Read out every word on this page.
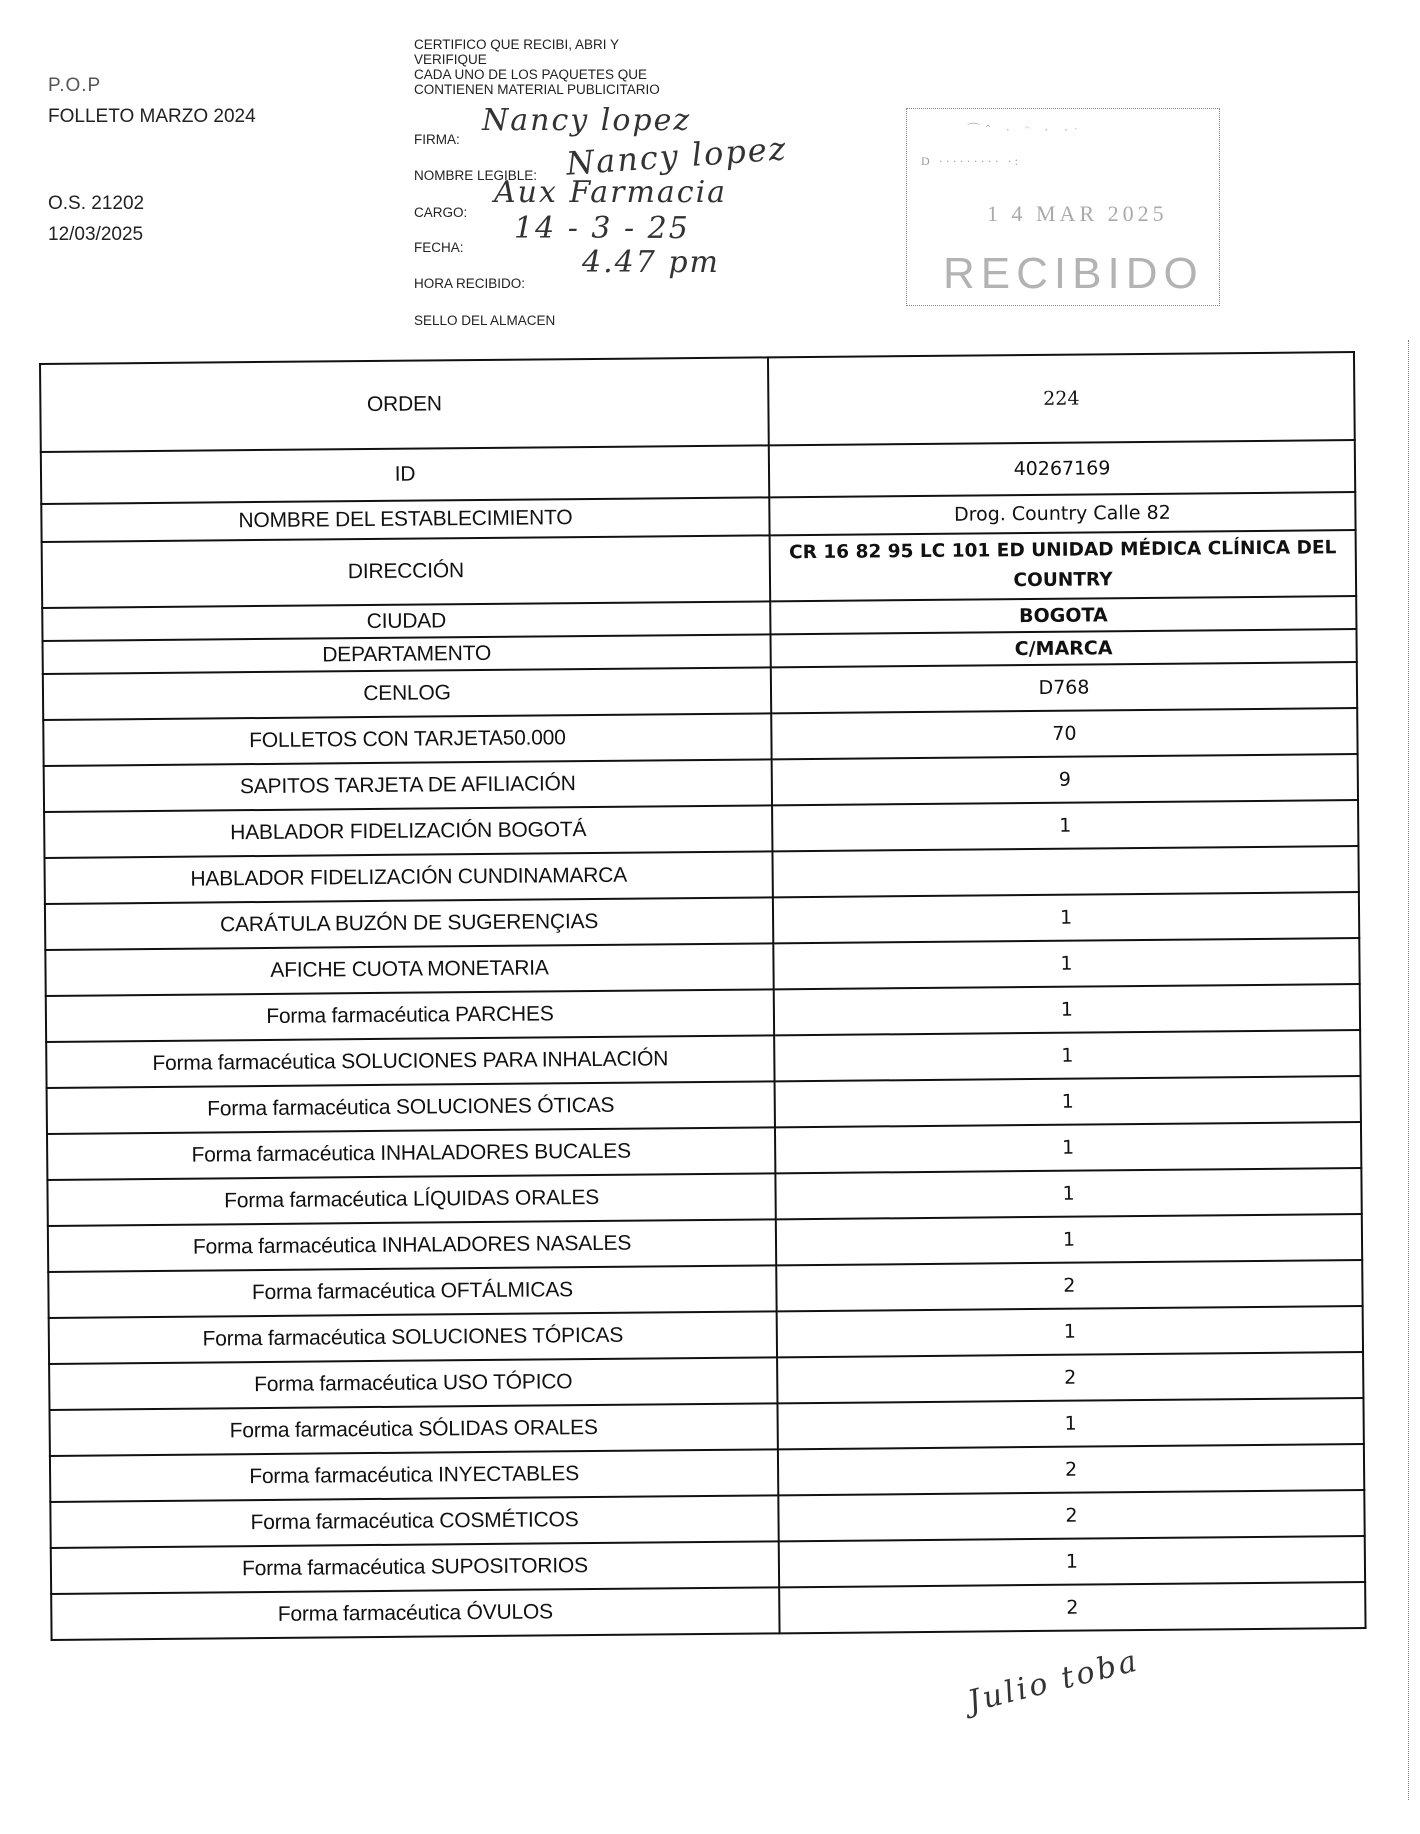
P.O.P
FOLLETO MARZO 2024
O.S. 21202
12/03/2025
CERTIFICO QUE RECIBI, ABRI Y
VERIFIQUE
CADA UNO DE LOS PAQUETES QUE
CONTIENEN MATERIAL PUBLICITARIO
FIRMA:
Nancy lopez
NOMBRE LEGIBLE: Nancy lopez
CARGO:
Aux Farmacia
FECHA:
14 - 3 - 25
HORA RECIBIDO:
4.47 pm
SELLO DEL ALMACEN
⌒ˆ · ᵔ · ·ˑ
D ········· ·:
1 4 MAR 2025
RECIBIDO
ORDEN	224
ID	40267169
NOMBRE DEL ESTABLECIMIENTO	Drog. Country Calle 82
DIRECCIÓN	CR 16 82 95 LC 101 ED UNIDAD MÉDICA CLÍNICA DEL COUNTRY
CIUDAD	BOGOTA
DEPARTAMENTO	C/MARCA
CENLOG	D768
FOLLETOS CON TARJETA50.000	70
SAPITOS TARJETA DE AFILIACIÓN	9
HABLADOR FIDELIZACIÓN BOGOTÁ	1
HABLADOR FIDELIZACIÓN CUNDINAMARCA	
CARÁTULA BUZÓN DE SUGERENÇIAS	1
AFICHE CUOTA MONETARIA	1
Forma farmacéutica PARCHES	1
Forma farmacéutica SOLUCIONES PARA INHALACIÓN	1
Forma farmacéutica SOLUCIONES ÓTICAS	1
Forma farmacéutica INHALADORES BUCALES	1
Forma farmacéutica LÍQUIDAS ORALES	1
Forma farmacéutica INHALADORES NASALES	1
Forma farmacéutica OFTÁLMICAS	2
Forma farmacéutica SOLUCIONES TÓPICAS	1
Forma farmacéutica USO TÓPICO	2
Forma farmacéutica SÓLIDAS ORALES	1
Forma farmacéutica INYECTABLES	2
Forma farmacéutica COSMÉTICOS	2
Forma farmacéutica SUPOSITORIOS	1
Forma farmacéutica ÓVULOS	2
Julio toba
